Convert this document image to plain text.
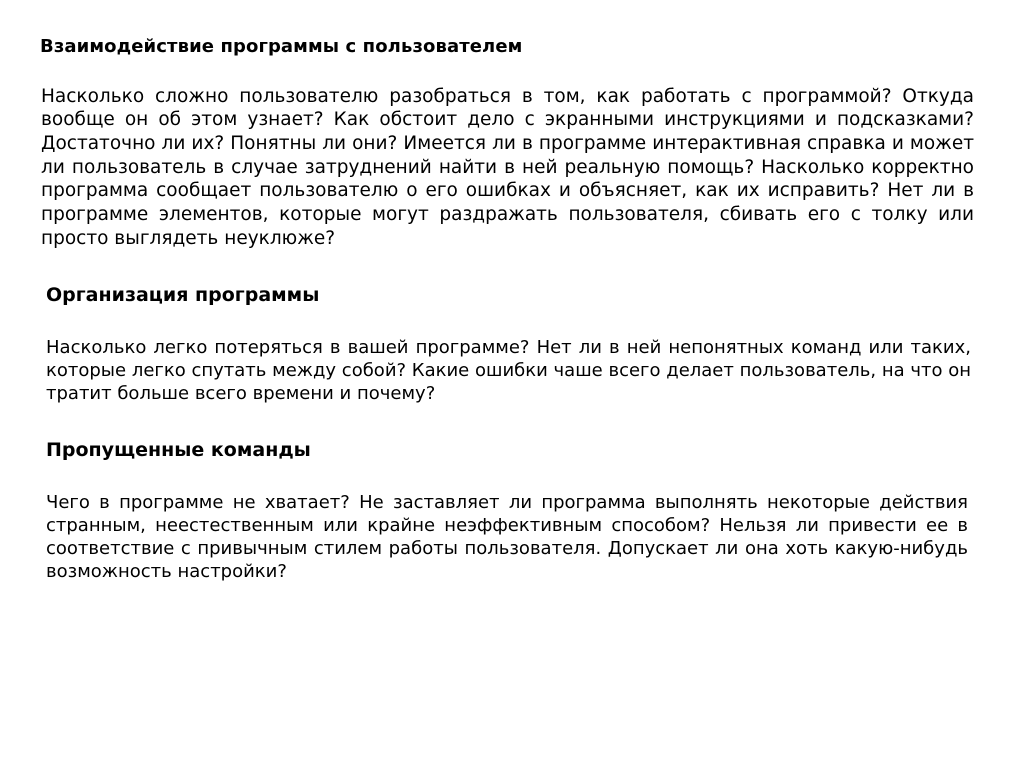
Взаимодействие программы с пользователем

Насколько сложно пользователю разобраться в том, как работать с программой? Откуда вообще он об этом узнает? Как обстоит дело с экранными инструкциями и подсказками? Достаточно ли их? Понятны ли они? Имеется ли в программе интерактивная справка и может ли пользователь в случае затруднений найти в ней реальную помощь? Насколько корректно программа сообщает пользователю о его ошибках и объясняет, как их исправить? Нет ли в программе элементов, которые могут раздражать пользователя, сбивать его с толку или просто выглядеть неуклюже?

Организация программы

Насколько легко потеряться в вашей программе? Нет ли в ней непонятных команд или таких, которые легко спутать между собой? Какие ошибки чаше всего делает пользователь, на что он тратит больше всего времени и почему?

Пропущенные команды

Чего в программе не хватает? Не заставляет ли программа выполнять некоторые действия странным, неестественным или крайне неэффективным способом? Нельзя ли привести ее в соответствие с привычным стилем работы пользователя. Допускает ли она хоть какую-нибудь возможность настройки?
